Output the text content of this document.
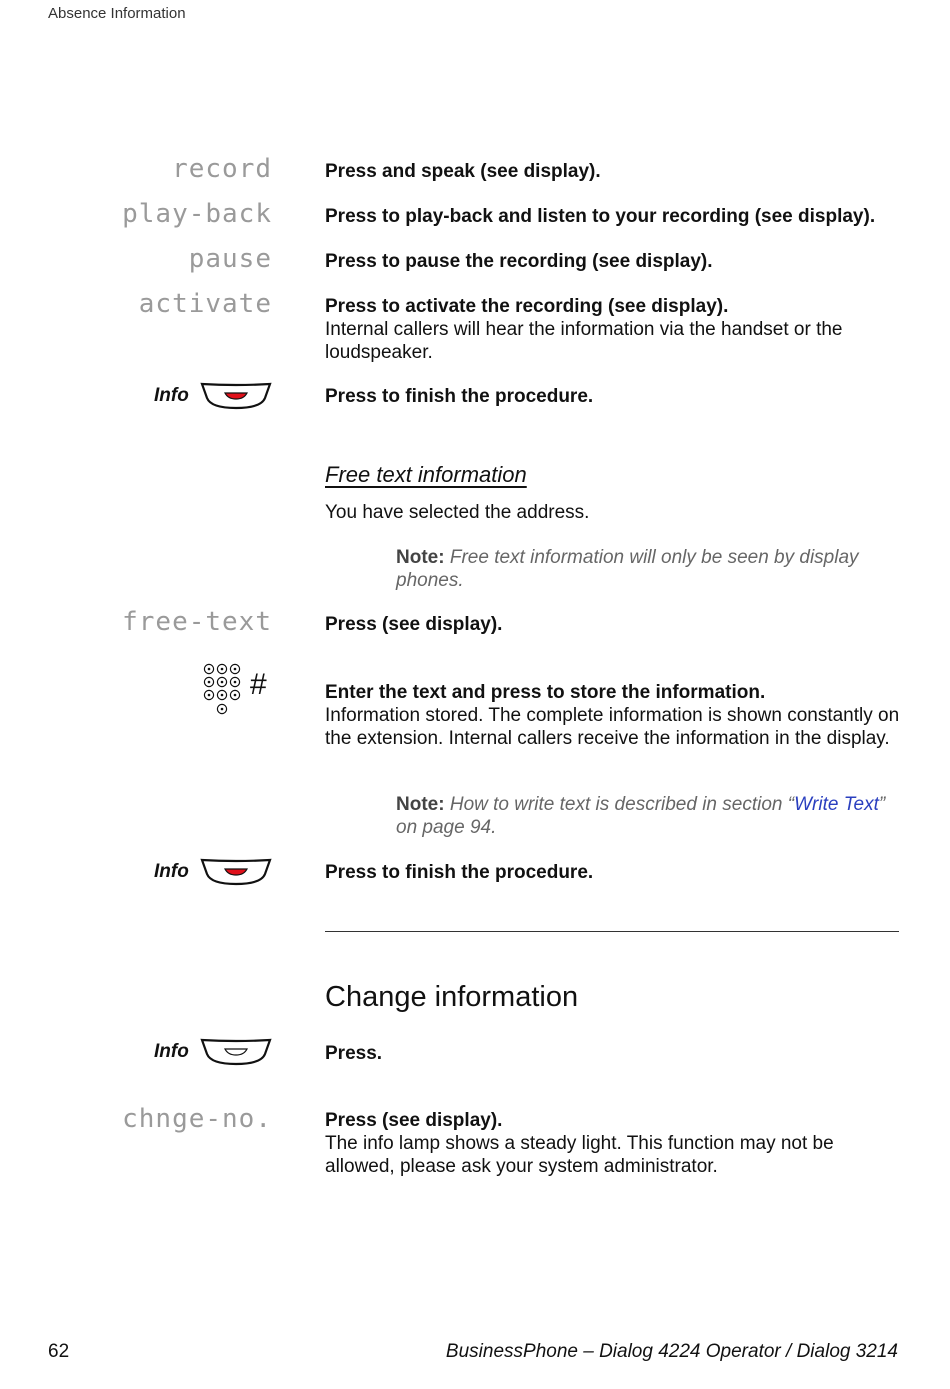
Absence Information
record	Press and speak (see display).
play-back	Press to play-back and listen to your recording (see display).
pause	Press to pause the recording (see display).
activate	Press to activate the recording (see display).
Internal callers will hear the information via the handset or the loudspeaker.
Info	Press to finish the procedure.
Free text information
You have selected the address.
Note: Free text information will only be seen by display phones.
free-text	Press (see display).
#	Enter the text and press to store the information.
Information stored. The complete information is shown constantly on the extension. Internal callers receive the information in the display.
Note: How to write text is described in section “Write Text” on page 94.
Info	Press to finish the procedure.
Change information
Info	Press.
chnge-no.	Press (see display).
The info lamp shows a steady light. This function may not be allowed, please ask your system administrator.
62	BusinessPhone – Dialog 4224 Operator / Dialog 3214
